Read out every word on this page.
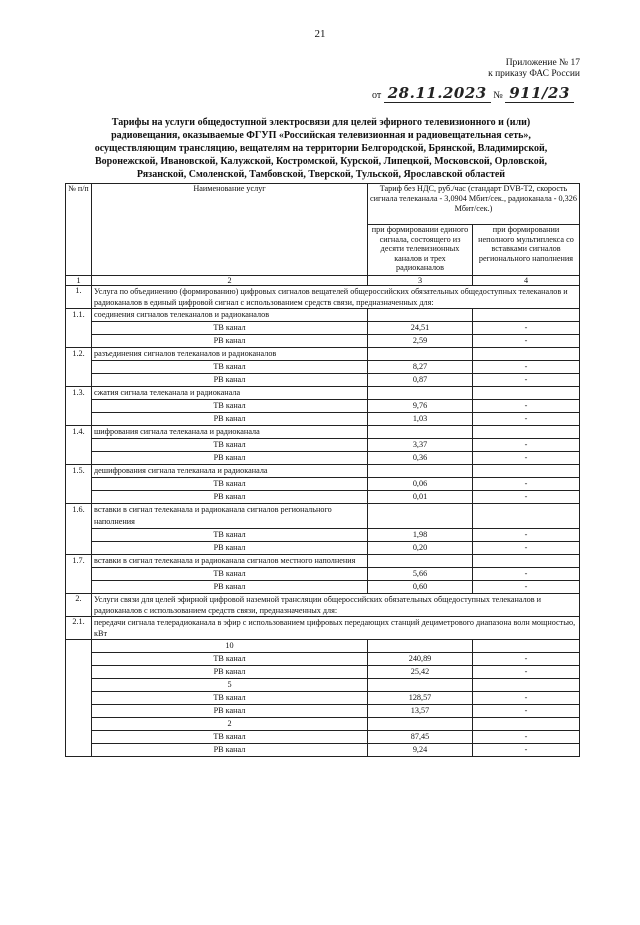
21
Приложение № 17
к приказу ФАС России
от 28.11.2023 № 911/23
Тарифы на услуги общедоступной электросвязи для целей эфирного телевизионного и (или) радиовещания, оказываемые ФГУП «Российская телевизионная и радиовещательная сеть», осуществляющим трансляцию, вещателям на территории Белгородской, Брянской, Владимирской, Воронежской, Ивановской, Калужской, Костромской, Курской, Липецкой, Московской, Орловской, Рязанской, Смоленской, Тамбовской, Тверской, Тульской, Ярославской областей
№ п/п	Наименование услуг	Тариф без НДС, руб./час (стандарт DVB-T2, скорость сигнала телеканала - 3,0904 Мбит/сек., радиоканала - 0,326 Мбит/сек.)	
		при формировании единого сигнала, состоящего из десяти телевизионных каналов и трех радиоканалов	при формировании неполного мультиплекса со вставками сигналов регионального наполнения
1	2	3	4
1.	Услуга по объединению (формированию) цифровых сигналов вещателей общероссийских обязательных общедоступных телеканалов и радиоканалов в единый цифровой сигнал с использованием средств связи, предназначенных для:		
1.1.	соединения сигналов телеканалов и радиоканалов		
	ТВ канал	24,51	-
	РВ канал	2,59	-
1.2.	разъединения сигналов телеканалов и радиоканалов		
	ТВ канал	8,27	-
	РВ канал	0,87	-
1.3.	сжатия сигнала телеканала и радиоканала		
	ТВ канал	9,76	-
	РВ канал	1,03	-
1.4.	шифрования сигнала телеканала и радиоканала		
	ТВ канал	3,37	-
	РВ канал	0,36	-
1.5.	дешифрования сигнала телеканала и радиоканала		
	ТВ канал	0,06	-
	РВ канал	0,01	-
1.6.	вставки в сигнал телеканала и радиоканала сигналов регионального наполнения		
	ТВ канал	1,98	-
	РВ канал	0,20	-
1.7.	вставки в сигнал телеканала и радиоканала сигналов местного наполнения		
	ТВ канал	5,66	-
	РВ канал	0,60	-
2.	Услуги связи для целей эфирной цифровой наземной трансляции общероссийских обязательных общедоступных телеканалов и радиоканалов с использованием средств связи, предназначенных для:		
2.1.	передачи сигнала телерадиоканала в эфир с использованием цифровых передающих станций дециметрового диапазона волн мощностью, кВт		
	10		
	ТВ канал	240,89	-
	РВ канал	25,42	-
	5		
	ТВ канал	128,57	-
	РВ канал	13,57	-
	2		
	ТВ канал	87,45	-
	РВ канал	9,24	-
